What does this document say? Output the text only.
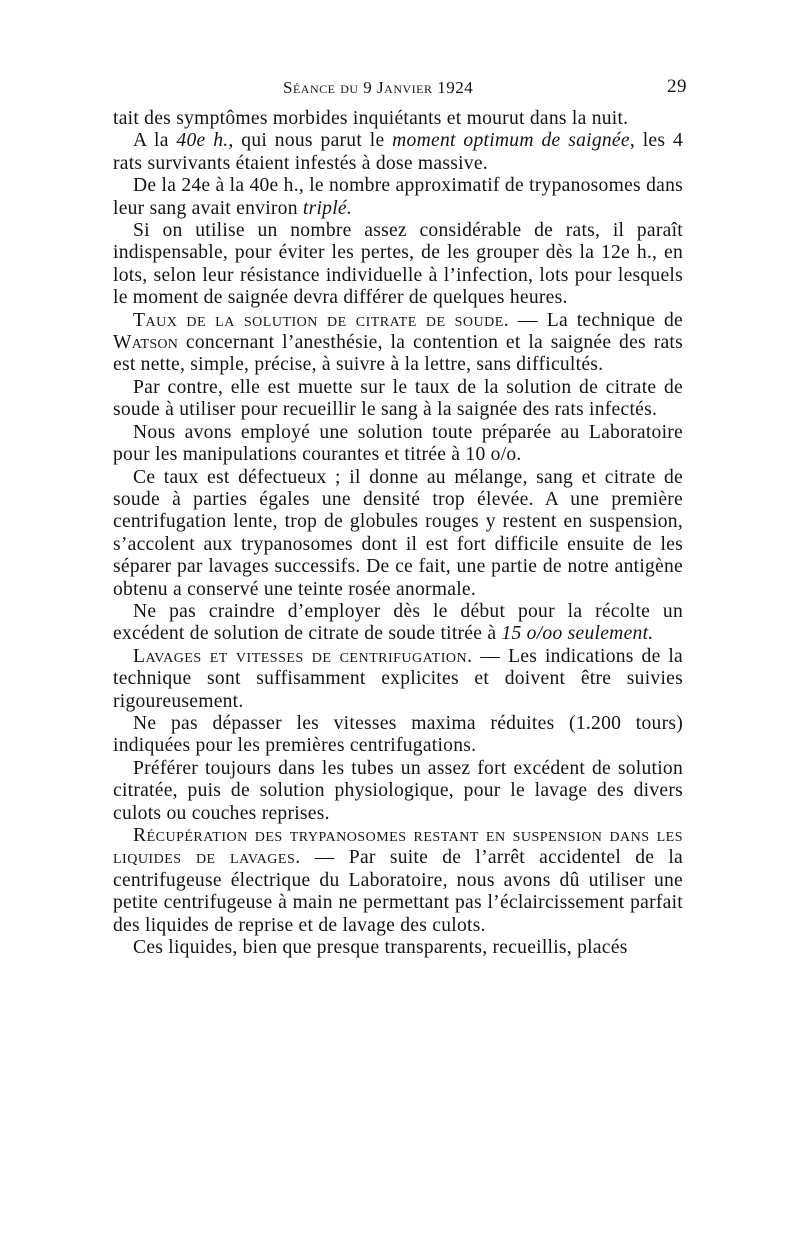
Séance du 9 Janvier 1924	29

tait des symptômes morbides inquiétants et mourut dans la nuit.

A la 40e h., qui nous parut le moment optimum de saignée, les 4 rats survivants étaient infestés à dose massive.

De la 24e à la 40e h., le nombre approximatif de trypanosomes dans leur sang avait environ triplé.

Si on utilise un nombre assez considérable de rats, il paraît indispensable, pour éviter les pertes, de les grouper dès la 12e h., en lots, selon leur résistance individuelle à l’infection, lots pour lesquels le moment de saignée devra différer de quelques heures.

Taux de la solution de citrate de soude. — La technique de Watson concernant l’anesthésie, la contention et la saignée des rats est nette, simple, précise, à suivre à la lettre, sans difficultés.

Par contre, elle est muette sur le taux de la solution de citrate de soude à utiliser pour recueillir le sang à la saignée des rats infectés.

Nous avons employé une solution toute préparée au Laboratoire pour les manipulations courantes et titrée à 10 o/o.

Ce taux est défectueux ; il donne au mélange, sang et citrate de soude à parties égales une densité trop élevée. A une première centrifugation lente, trop de globules rouges y restent en suspension, s’accolent aux trypanosomes dont il est fort difficile ensuite de les séparer par lavages successifs. De ce fait, une partie de notre antigène obtenu a conservé une teinte rosée anormale.

Ne pas craindre d’employer dès le début pour la récolte un excédent de solution de citrate de soude titrée à 15 o/oo seulement.

Lavages et vitesses de centrifugation. — Les indications de la technique sont suffisamment explicites et doivent être suivies rigoureusement.

Ne pas dépasser les vitesses maxima réduites (1.200 tours) indiquées pour les premières centrifugations.

Préférer toujours dans les tubes un assez fort excédent de solution citratée, puis de solution physiologique, pour le lavage des divers culots ou couches reprises.

Récupération des trypanosomes restant en suspension dans les liquides de lavages. — Par suite de l’arrêt accidentel de la centrifugeuse électrique du Laboratoire, nous avons dû utiliser une petite centrifugeuse à main ne permettant pas l’éclaircissement parfait des liquides de reprise et de lavage des culots.

Ces liquides, bien que presque transparents, recueillis, placés
